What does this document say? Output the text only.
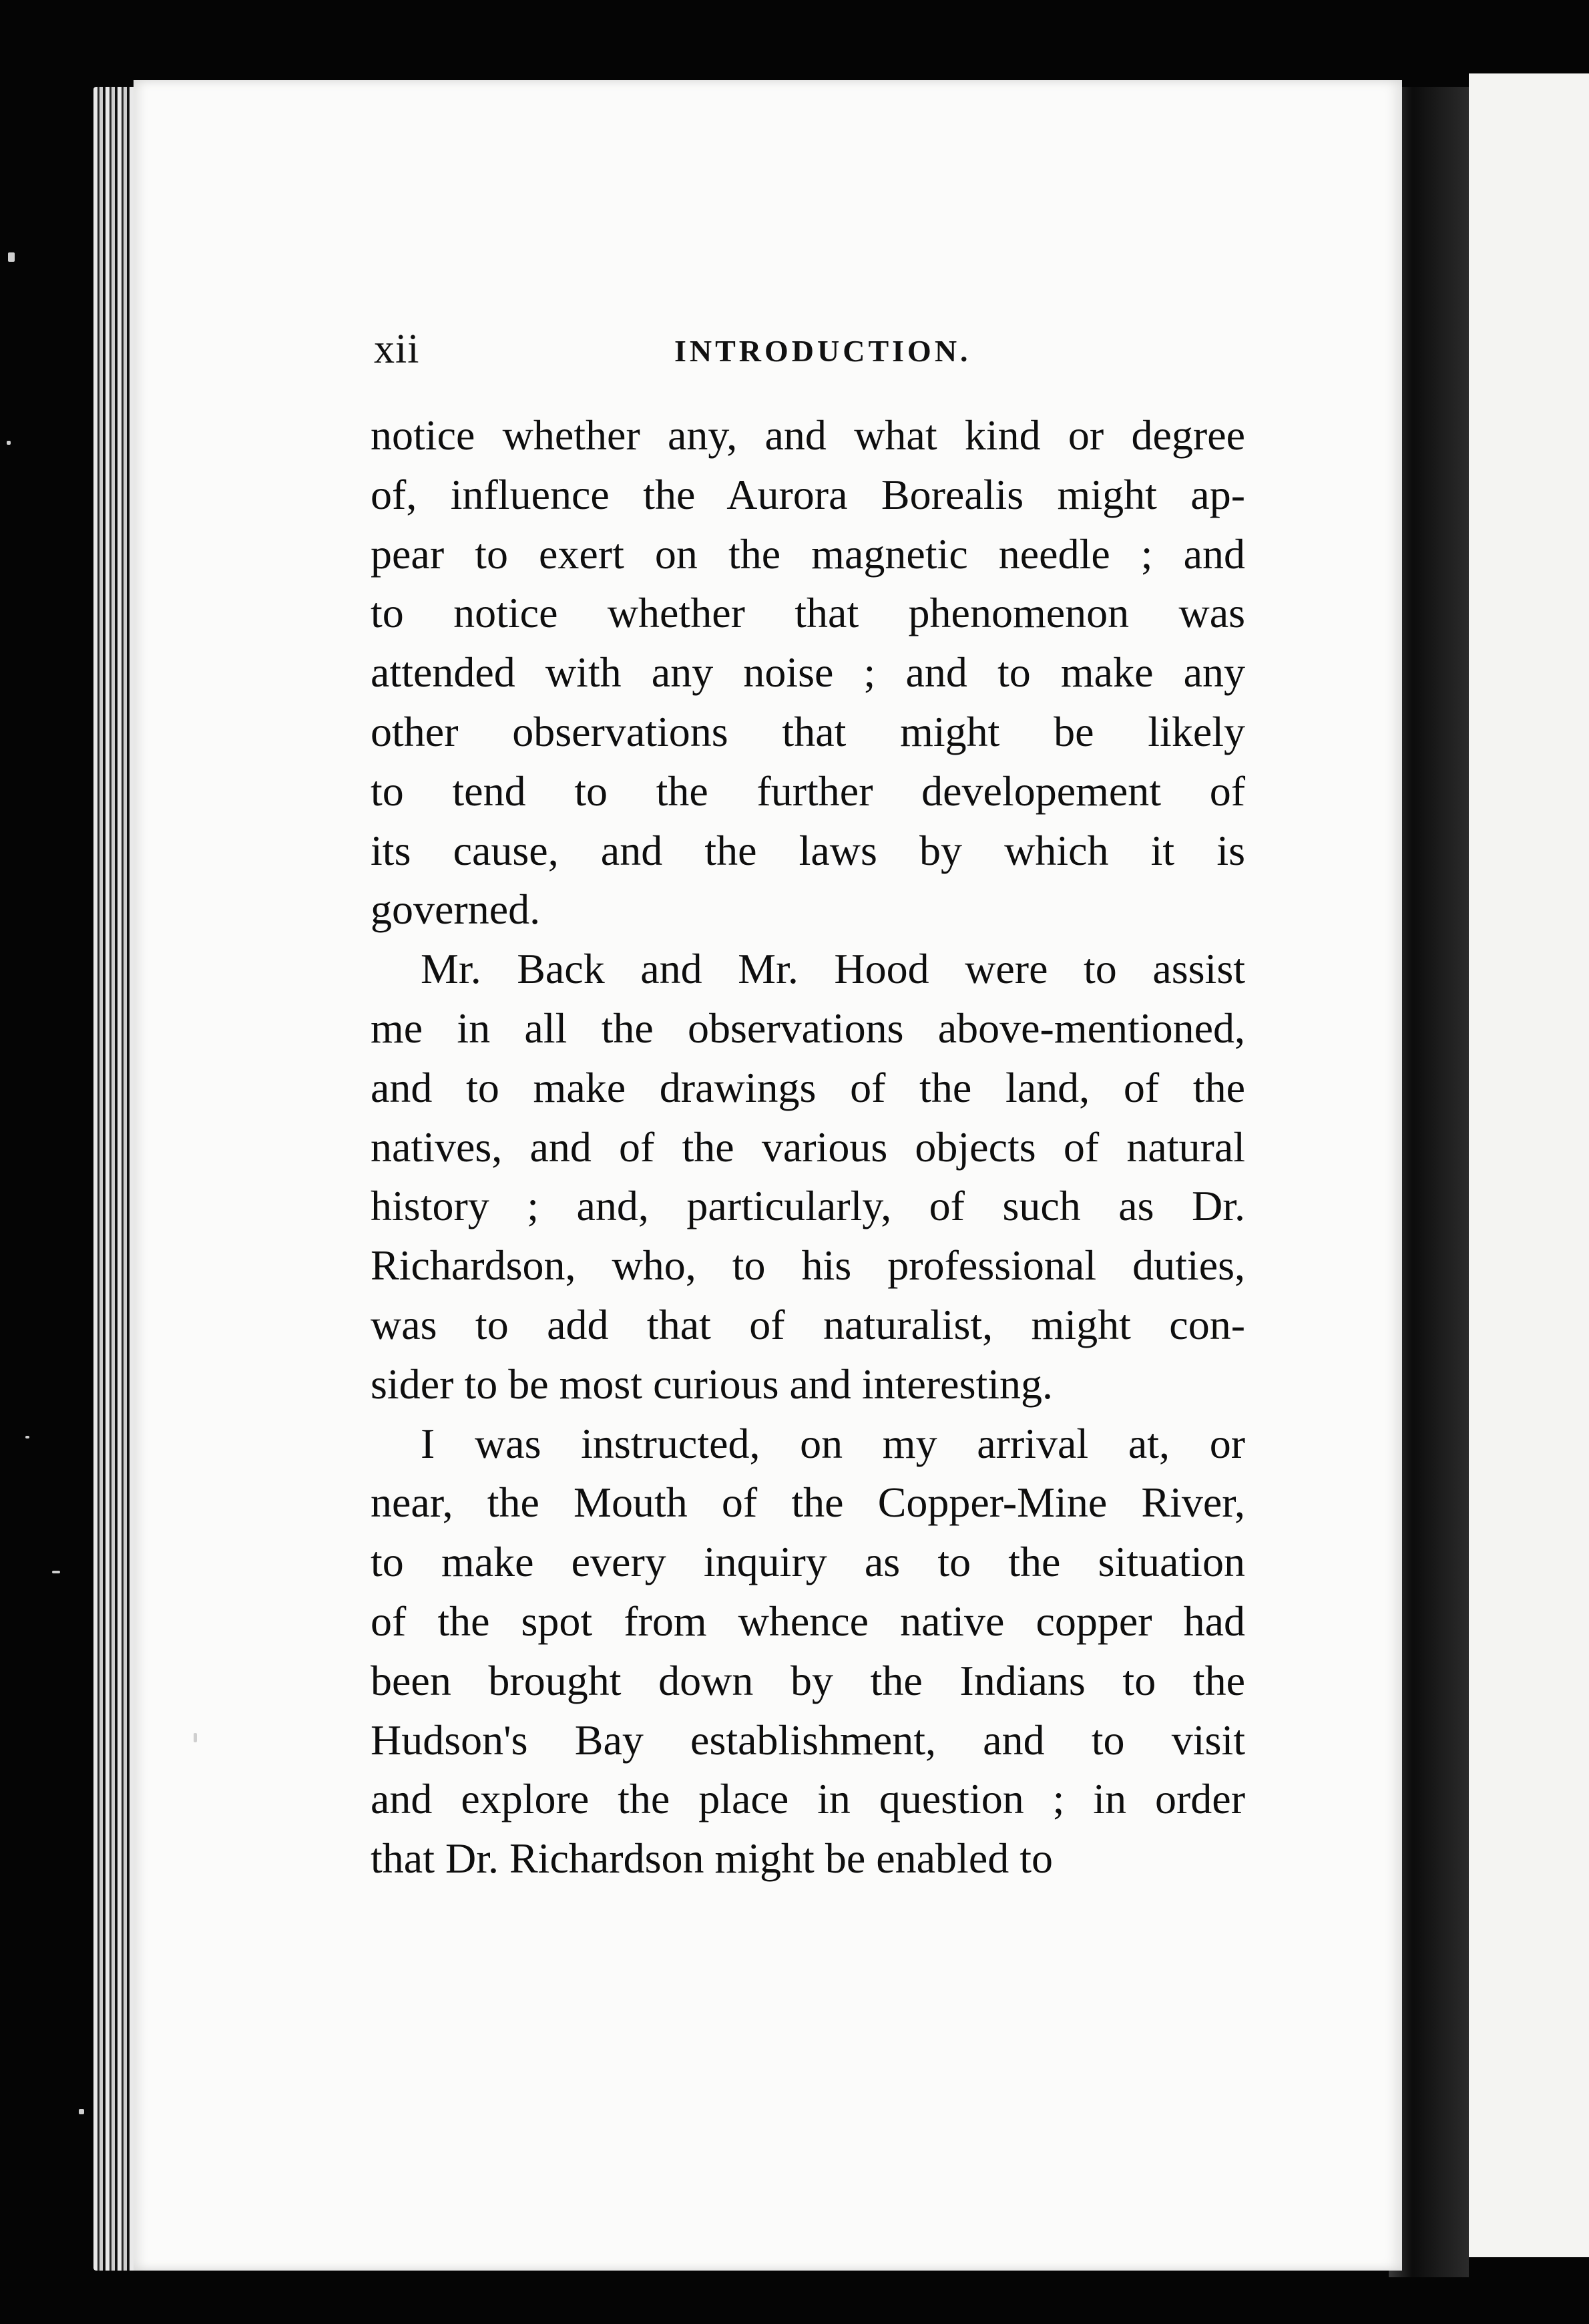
xii	INTRODUCTION.
notice whether any, and what kind or degree
of, influence the Aurora Borealis might ap-
pear to exert on the magnetic needle ; and
to notice whether that phenomenon was
attended with any noise ; and to make any
other observations that might be likely
to tend to the further developement of
its cause, and the laws by which it is
governed.
Mr. Back and Mr. Hood were to assist
me in all the observations above-mentioned,
and to make drawings of the land, of the
natives, and of the various objects of natural
history ; and, particularly, of such as Dr.
Richardson, who, to his professional duties,
was to add that of naturalist, might con-
sider to be most curious and interesting.
I was instructed, on my arrival at, or
near, the Mouth of the Copper-Mine River,
to make every inquiry as to the situation
of the spot from whence native copper had
been brought down by the Indians to the
Hudson's Bay establishment, and to visit
and explore the place in question ; in order
that Dr. Richardson might be enabled to
